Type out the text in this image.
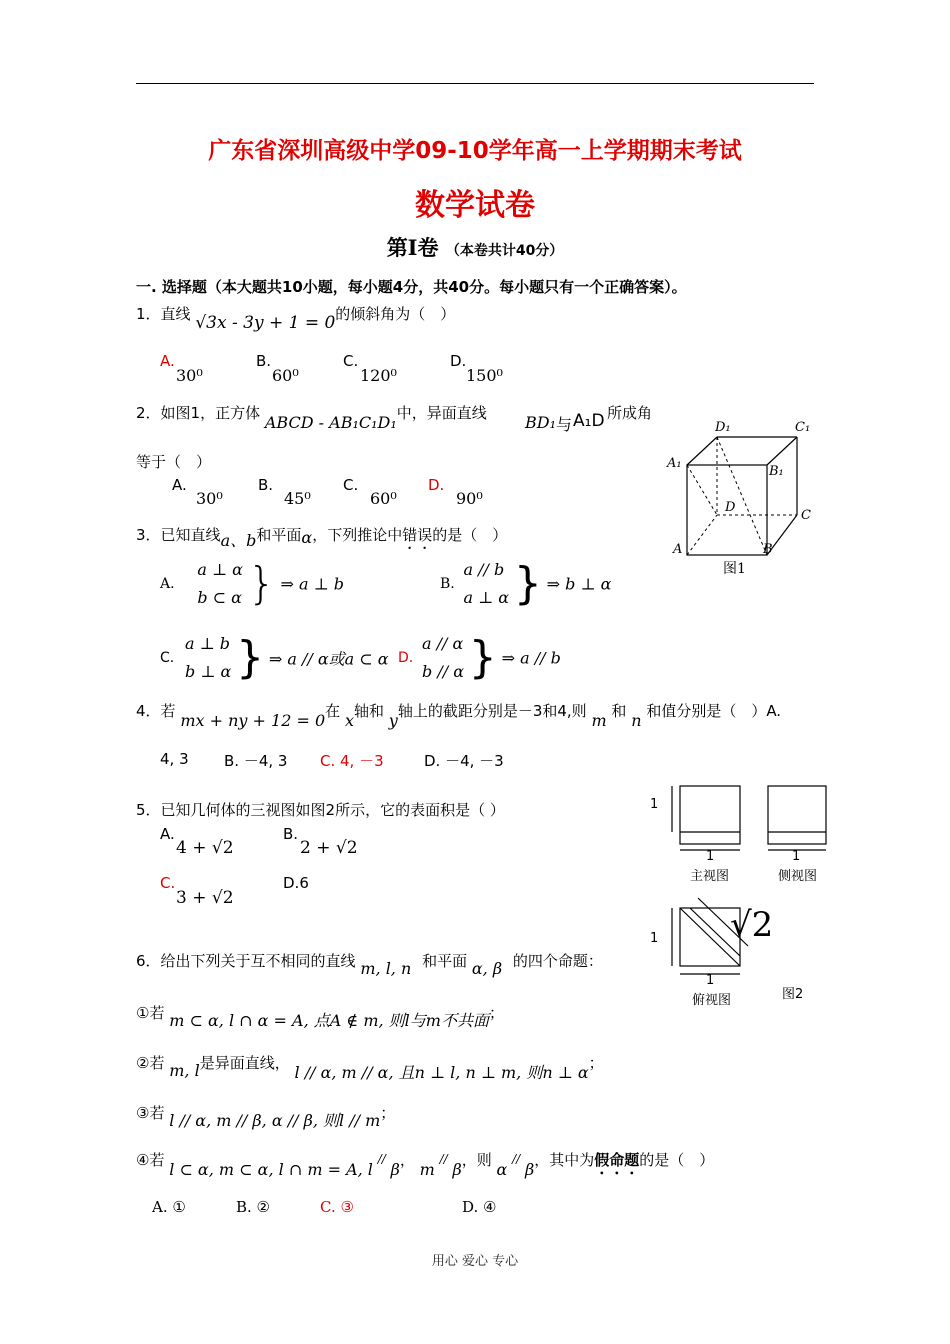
广东省深圳高级中学09-10学年高一上学期期末考试
数学试卷
第Ⅰ卷 （本卷共计40分）
一. 选择题（本大题共10小题，每小题4分，共40分。每小题只有一个正确答案）。
1．直线 √3x - 3y + 1 = 0的倾斜角为（　）
A.
30⁰
B.
60⁰
C.
120⁰
D.
150⁰
2．如图1，正方体 ABCD - AB₁C₁D₁中，异面直线 BD₁ 与 A₁D 所成角
等于（　）
A.
30⁰
B.
45⁰
C.
60⁰
D.
90⁰
D₁	C₁
A₁
B₁
D
C
A	B
图1
3．已知直线a、b和平面α，下列推论中错误的是（　）
A. a ⊥ α
b ⊂ α } ⇒ a ⊥ b	B. a // b
a ⊥ α } ⇒ b ⊥ α
C. a ⊥ b
b ⊥ α } ⇒ a // α或a ⊂ α D. a // α
b // α } ⇒ a // b
4．若 mx + ny + 12 = 0在 x轴和 y轴上的截距分别是－3和4,则 m 和 n 和值分别是（　）A.
4, 3 B. －4, 3 C. 4, －3	D. －4, －3
5．已知几何体的三视图如图2所示，它的表面积是（ ）
A.
4 + √2
B.
2 + √2
C.
3 + √2
D.6
1
1	1
1
1
主视图	侧视图
俯视图	图2
√2
6．给出下列关于互不相同的直线 m, l, n 和平面 α, β 的四个命题：
①若 m ⊂ α, l ∩ α = A, 点A ∉ m, 则l与m不共面；
②若 m, l是异面直线， l // α, m // α, 且n ⊥ l, n ⊥ m, 则n ⊥ α；
③若 l // α, m // β, α // β, 则l // m；
④若 l ⊂ α, m ⊂ α, l ∩ m = A, l // β， m // β，则 α // β，其中为假命题的是（　）
A. ①	B. ②	C. ③	D. ④
用心 爱心 专心
